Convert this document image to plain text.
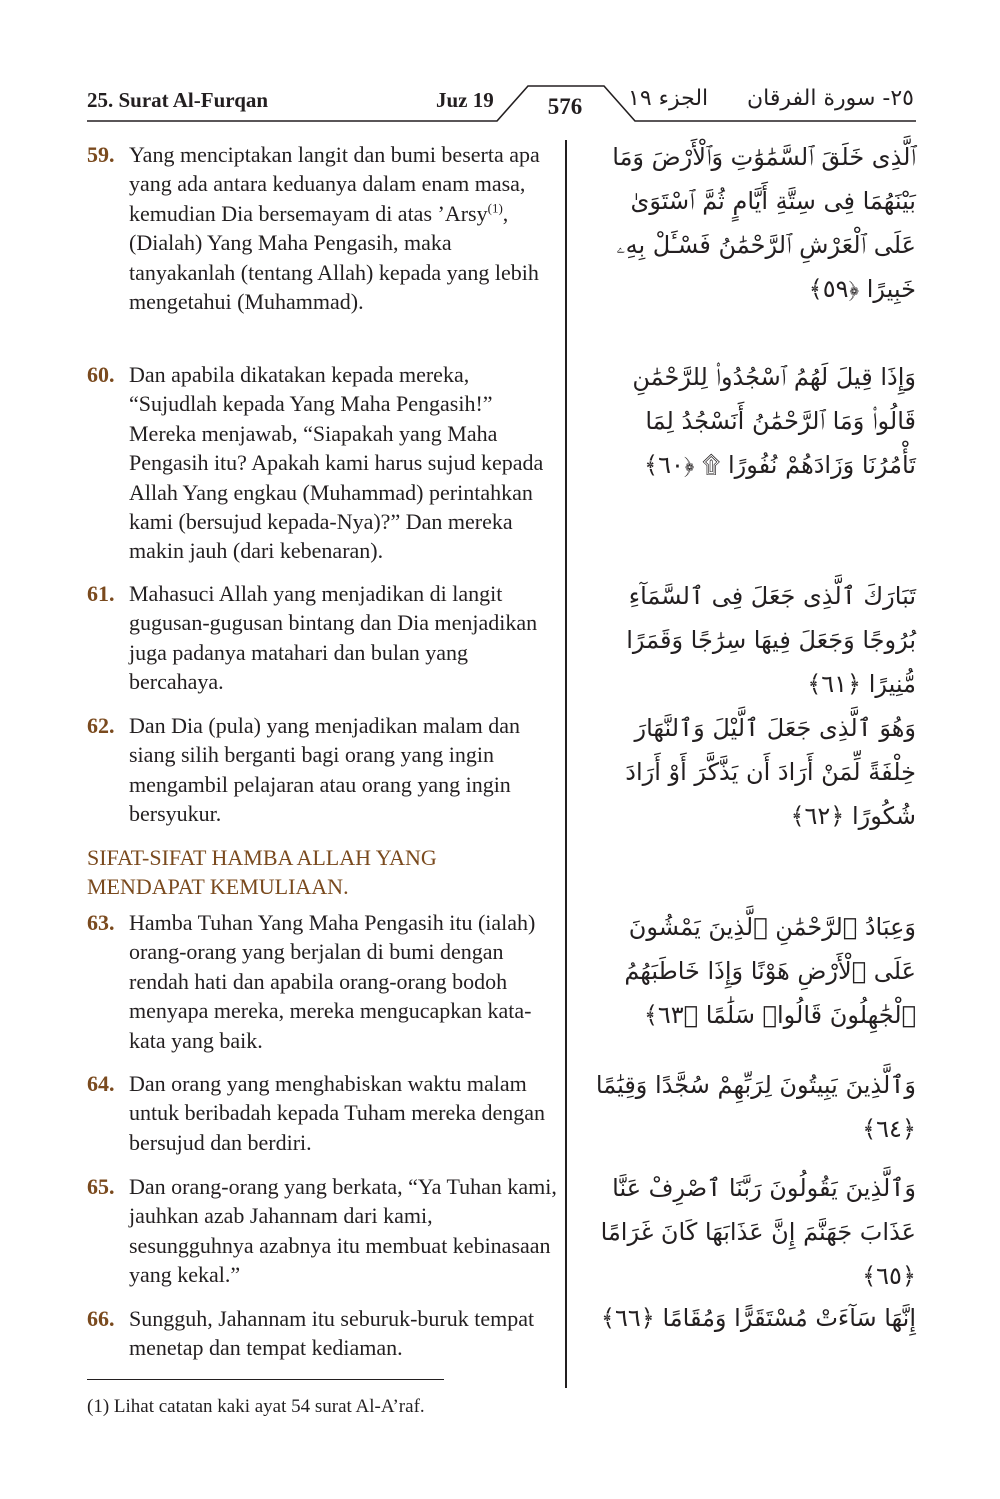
25. Surat Al-Furqan	Juz 19	576	الجزء ١٩ ٢٥- سورة الفرقان
59. Yang menciptakan langit dan bumi beserta apa yang ada antara keduanya dalam enam masa, kemudian Dia bersemayam di atas ’Arsy$^{(1)}$, (Dialah) Yang Maha Pengasih, maka tanyakanlah (tentang Allah) kepada yang lebih mengetahui (Muhammad).
ٱلَّذِى خَلَقَ ٱلسَّمَٰوَٰتِ وَٱلْأَرْضَ وَمَا بَيْنَهُمَا فِى سِتَّةِ أَيَّامٍ ثُمَّ ٱسْتَوَىٰ عَلَى ٱلْعَرْشِ ٱلرَّحْمَٰنُ فَسْـَٔلْ بِهِۦ خَبِيرًا ﴿٥٩﴾
60. Dan apabila dikatakan kepada mereka, “Sujudlah kepada Yang Maha Pengasih!” Mereka menjawab, “Siapakah yang Maha Pengasih itu? Apakah kami harus sujud kepada Allah Yang engkau (Muhammad) perintahkan kami (bersujud kepada-Nya)?” Dan mereka makin jauh (dari kebenaran).
وَإِذَا قِيلَ لَهُمُ ٱسْجُدُوا۟ لِلرَّحْمَٰنِ قَالُوا۟ وَمَا ٱلرَّحْمَٰنُ أَنَسْجُدُ لِمَا تَأْمُرُنَا وَزَادَهُمْ نُفُورًا ۩ ﴿٦٠﴾
61. Mahasuci Allah yang menjadikan di langit gugusan-gugusan bintang dan Dia menjadikan juga padanya matahari dan bulan yang bercahaya.
تَبَارَكَ ٱلَّذِى جَعَلَ فِى ٱلسَّمَآءِ بُرُوجًا وَجَعَلَ فِيهَا سِرَٰجًا وَقَمَرًا مُّنِيرًا ﴿٦١﴾
62. Dan Dia (pula) yang menjadikan malam dan siang silih berganti bagi orang yang ingin mengambil pelajaran atau orang yang ingin bersyukur.
وَهُوَ ٱلَّذِى جَعَلَ ٱلَّيْلَ وَٱلنَّهَارَ خِلْفَةً لِّمَنْ أَرَادَ أَن يَذَّكَّرَ أَوْ أَرَادَ شُكُورًا ﴿٦٢﴾
SIFAT-SIFAT HAMBA ALLAH YANG MENDAPAT KEMULIAAN.
63. Hamba Tuhan Yang Maha Pengasih itu (ialah) orang-orang yang berjalan di bumi dengan rendah hati dan apabila orang-orang bodoh menyapa mereka, mereka mengucapkan kata-kata yang baik.
وَعِبَادُ ٱلرَّحْمَٰنِ ٱلَّذِينَ يَمْشُونَ عَلَى ٱلْأَرْضِ هَوْنًا وَإِذَا خَاطَبَهُمُ ٱلْجَٰهِلُونَ قَالُوا۟ سَلَٰمًا ﴿٦٣﴾
64. Dan orang yang menghabiskan waktu malam untuk beribadah kepada Tuham mereka dengan bersujud dan berdiri.
وَٱلَّذِينَ يَبِيتُونَ لِرَبِّهِمْ سُجَّدًا وَقِيَٰمًا ﴿٦٤﴾
65. Dan orang-orang yang berkata, “Ya Tuhan kami, jauhkan azab Jahannam dari kami, sesungguhnya azabnya itu membuat kebinasaan yang kekal.”
وَٱلَّذِينَ يَقُولُونَ رَبَّنَا ٱصْرِفْ عَنَّا عَذَابَ جَهَنَّمَ إِنَّ عَذَابَهَا كَانَ غَرَامًا ﴿٦٥﴾
66. Sungguh, Jahannam itu seburuk-buruk tempat menetap dan tempat kediaman.
إِنَّهَا سَآءَتْ مُسْتَقَرًّا وَمُقَامًا ﴿٦٦﴾
(1) Lihat catatan kaki ayat 54 surat Al-A’raf.
